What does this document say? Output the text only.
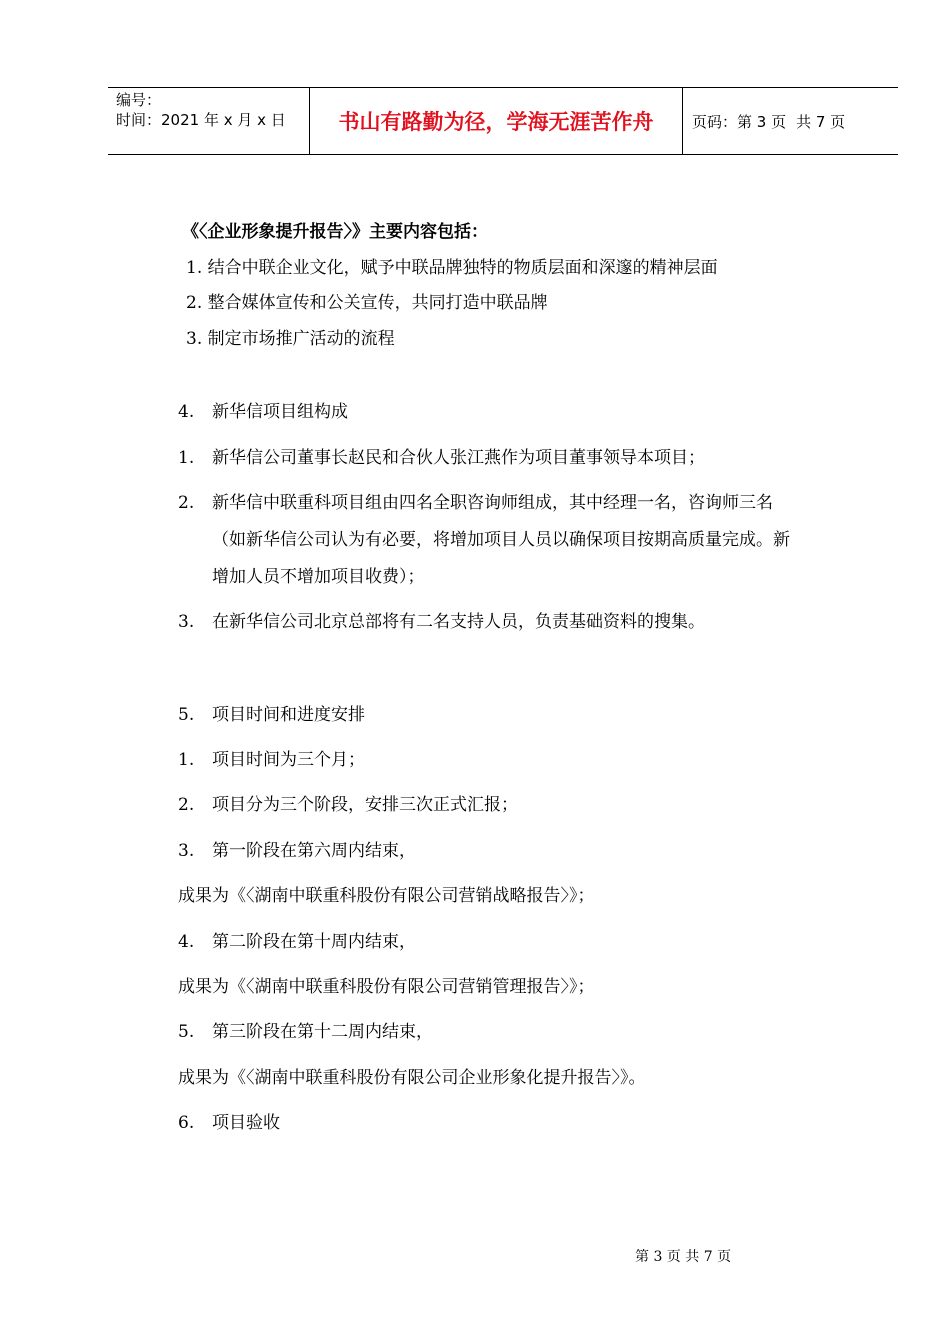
编号：
时间：2021 年 x 月 x 日	书山有路勤为径，学海无涯苦作舟	页码：第 3 页 共 7 页
《〈企业形象提升报告〉》主要内容包括：
1. 结合中联企业文化，赋予中联品牌独特的物质层面和深邃的精神层面
2. 整合媒体宣传和公关宣传，共同打造中联品牌
3. 制定市场推广活动的流程
4. 新华信项目组构成
1. 新华信公司董事长赵民和合伙人张江燕作为项目董事领导本项目；
2. 新华信中联重科项目组由四名全职咨询师组成，其中经理一名，咨询师三名
（如新华信公司认为有必要，将增加项目人员以确保项目按期高质量完成。新
增加人员不增加项目收费）；
3. 在新华信公司北京总部将有二名支持人员，负责基础资料的搜集。
5. 项目时间和进度安排
1. 项目时间为三个月；
2. 项目分为三个阶段，安排三次正式汇报；
3. 第一阶段在第六周内结束，
成果为《〈湖南中联重科股份有限公司营销战略报告〉》；
4. 第二阶段在第十周内结束，
成果为《〈湖南中联重科股份有限公司营销管理报告〉》；
5. 第三阶段在第十二周内结束，
成果为《〈湖南中联重科股份有限公司企业形象化提升报告〉》。
6. 项目验收
第 3 页 共 7 页
